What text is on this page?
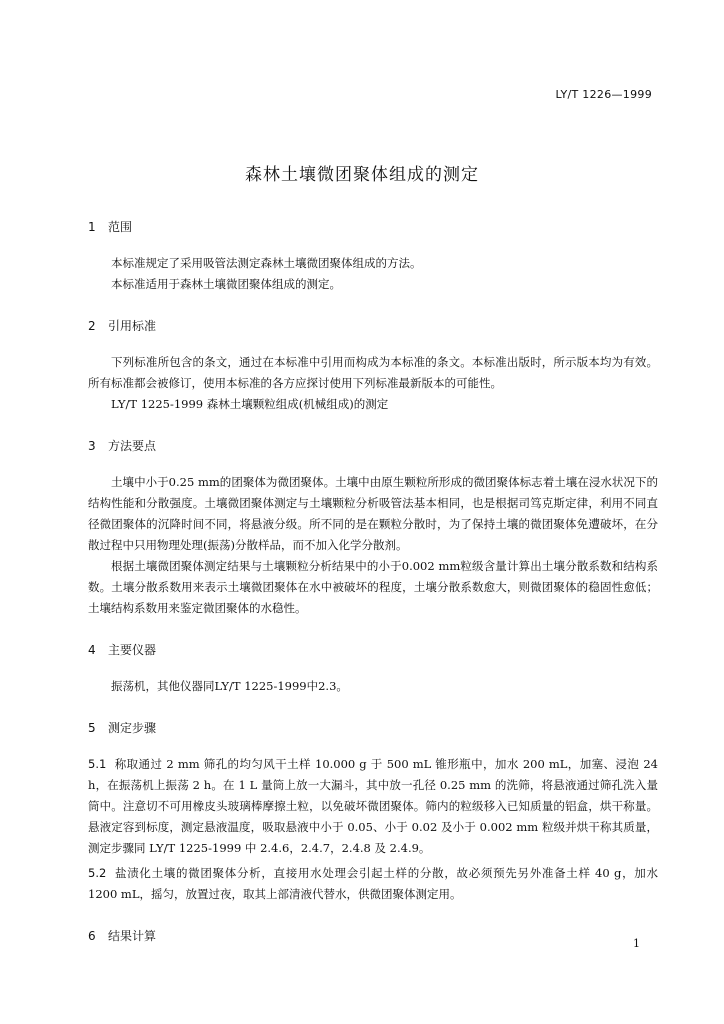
LY/T 1226—1999
森林土壤微团聚体组成的测定
1 范围

本标准规定了采用吸管法测定森林土壤微团聚体组成的方法。

本标准适用于森林土壤微团聚体组成的测定。

2 引用标准

下列标准所包含的条文，通过在本标准中引用而构成为本标准的条文。本标准出版时，所示版本均为有效。所有标准都会被修订，使用本标准的各方应探讨使用下列标准最新版本的可能性。

LY/T 1225-1999 森林土壤颗粒组成(机械组成)的测定

3 方法要点

土壤中小于0.25 mm的团聚体为微团聚体。土壤中由原生颗粒所形成的微团聚体标志着土壤在浸水状况下的结构性能和分散强度。土壤微团聚体测定与土壤颗粒分析吸管法基本相同，也是根据司笃克斯定律，利用不同直径微团聚体的沉降时间不同，将悬液分级。所不同的是在颗粒分散时，为了保持土壤的微团聚体免遭破坏，在分散过程中只用物理处理(振荡)分散样品，而不加入化学分散剂。

根据土壤微团聚体测定结果与土壤颗粒分析结果中的小于0.002 mm粒级含量计算出土壤分散系数和结构系数。土壤分散系数用来表示土壤微团聚体在水中被破坏的程度，土壤分散系数愈大，则微团聚体的稳固性愈低；土壤结构系数用来鉴定微团聚体的水稳性。

4 主要仪器

振荡机，其他仪器同LY/T 1225-1999中2.3。

5 测定步骤

5.1 称取通过 2 mm 筛孔的均匀风干土样 10.000 g 于 500 mL 锥形瓶中，加水 200 mL，加塞、浸泡 24 h，在振荡机上振荡 2 h。在 1 L 量筒上放一大漏斗，其中放一孔径 0.25 mm 的洗筛，将悬液通过筛孔洗入量筒中。注意切不可用橡皮头玻璃棒摩擦土粒，以免破坏微团聚体。筛内的粒级移入已知质量的铝盒，烘干称量。悬液定容到标度，测定悬液温度，吸取悬液中小于 0.05、小于 0.02 及小于 0.002 mm 粒级并烘干称其质量，测定步骤同 LY/T 1225-1999 中 2.4.6，2.4.7，2.4.8 及 2.4.9。

5.2 盐渍化土壤的微团聚体分析，直接用水处理会引起土样的分散，故必须预先另外准备土样 40 g，加水 1200 mL，摇匀，放置过夜，取其上部清液代替水，供微团聚体测定用。

6 结果计算
1
